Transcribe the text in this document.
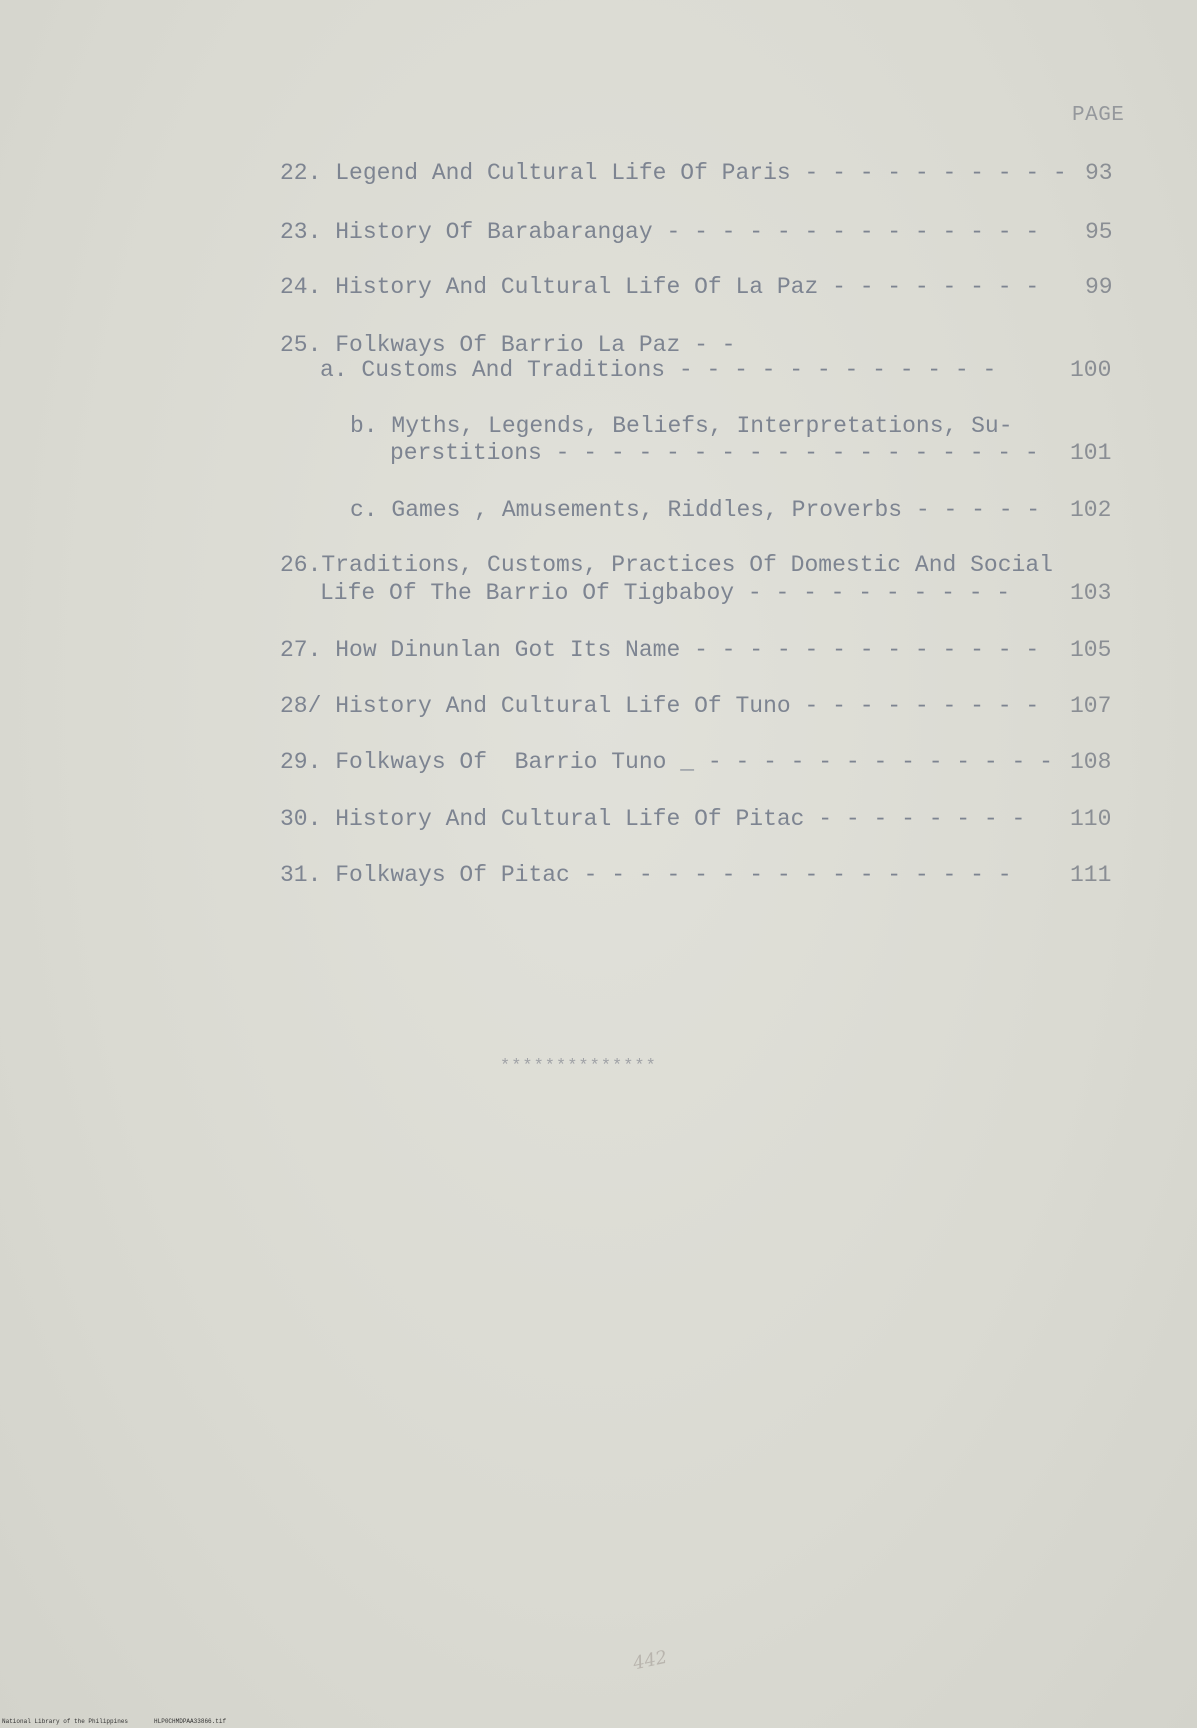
PAGE
22. Legend And Cultural Life Of Paris - - - - - - - - - - 93
23. History Of Barabarangay - - - - - - - - - - - - - - 95
24. History And Cultural Life Of La Paz - - - - - - - - 99
25. Folkways Of Barrio La Paz - -
a. Customs And Traditions - - - - - - - - - - - -	100
b. Myths, Legends, Beliefs, Interpretations, Su-
perstitions - - - - - - - - - - - - - - - - - - 101
c. Games , Amusements, Riddles, Proverbs - - - - - 102
26.Traditions, Customs, Practices Of Domestic And Social
Life Of The Barrio Of Tigbaboy - - - - - - - - - -	103
27. How Dinunlan Got Its Name - - - - - - - - - - - - - 105
28/ History And Cultural Life Of Tuno - - - - - - - - - 107
29. Folkways Of  Barrio Tuno _ - - - - - - - - - - - - - 108
30. History And Cultural Life Of Pitac - - - - - - - - 110
31. Folkways Of Pitac - - - - - - - - - - - - - - - -	111
**************
442
National Library of the Philippines	HLP0CHMDPAA33866.tif
